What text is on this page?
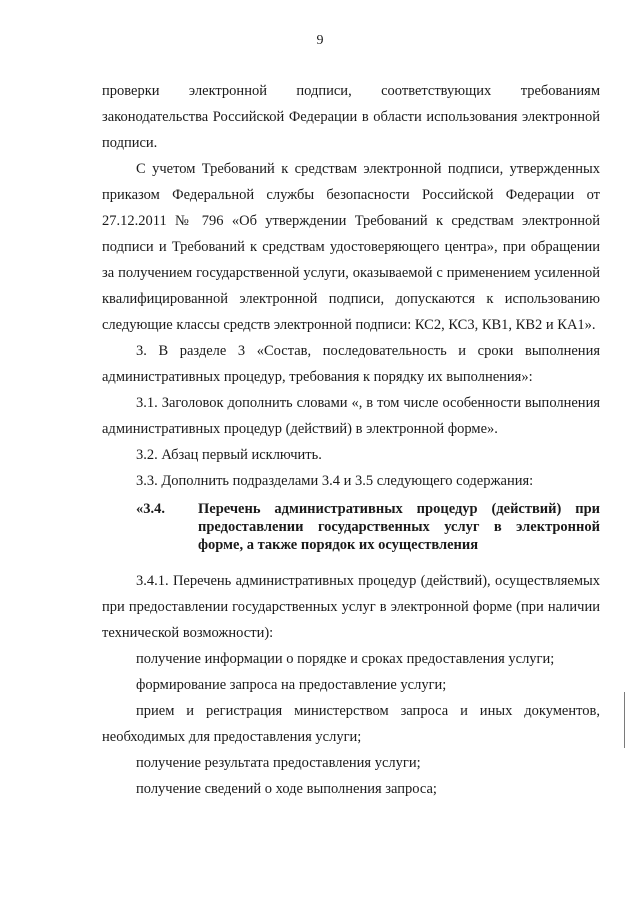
9

проверки электронной подписи, соответствующих требованиям законодательства Российской Федерации в области использования электронной подписи.

С учетом Требований к средствам электронной подписи, утвержденных приказом Федеральной службы безопасности Российской Федерации от 27.12.2011 № 796 «Об утверждении Требований к средствам электронной подписи и Требований к средствам удостоверяющего центра», при обращении за получением государственной услуги, оказываемой с применением усиленной квалифицированной электронной подписи, допускаются к использованию следующие классы средств электронной подписи: КС2, КС3, КВ1, КВ2 и КА1».

3. В разделе 3 «Состав, последовательность и сроки выполнения административных процедур, требования к порядку их выполнения»:

3.1. Заголовок дополнить словами «, в том числе особенности выполнения административных процедур (действий) в электронной форме».

3.2. Абзац первый исключить.

3.3. Дополнить подразделами 3.4 и 3.5 следующего содержания:

«3.4.	Перечень административных процедур (действий) при предоставлении государственных услуг в электронной форме, а также порядок их осуществления

3.4.1. Перечень административных процедур (действий), осуществляемых при предоставлении государственных услуг в электронной форме (при наличии технической возможности):

получение информации о порядке и сроках предоставления услуги;

формирование запроса на предоставление услуги;

прием и регистрация министерством запроса и иных документов, необходимых для предоставления услуги;

получение результата предоставления услуги;

получение сведений о ходе выполнения запроса;
